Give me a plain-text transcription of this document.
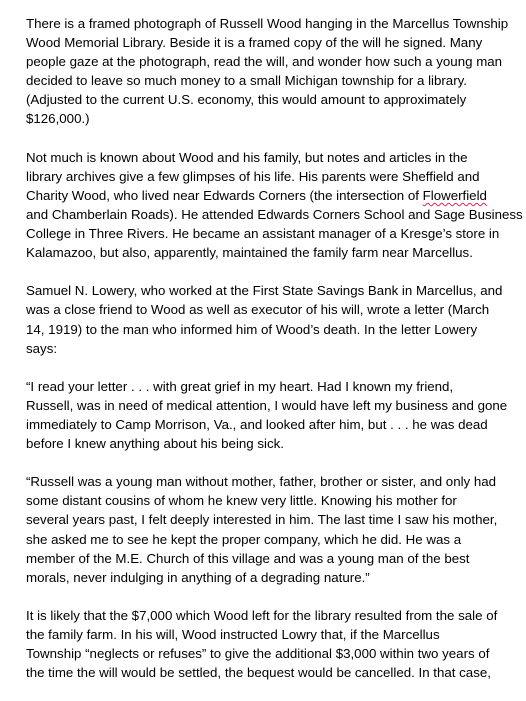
There is a framed photograph of Russell Wood hanging in the Marcellus Township
Wood Memorial Library. Beside it is a framed copy of the will he signed. Many
people gaze at the photograph, read the will, and wonder how such a young man
decided to leave so much money to a small Michigan township for a library.
(Adjusted to the current U.S. economy, this would amount to approximately
$126,000.)

Not much is known about Wood and his family, but notes and articles in the
library archives give a few glimpses of his life. His parents were Sheffield and
Charity Wood, who lived near Edwards Corners (the intersection of Flowerfield
and Chamberlain Roads). He attended Edwards Corners School and Sage Business
College in Three Rivers. He became an assistant manager of a Kresge’s store in
Kalamazoo, but also, apparently, maintained the family farm near Marcellus.

Samuel N. Lowery, who worked at the First State Savings Bank in Marcellus, and
was a close friend to Wood as well as executor of his will, wrote a letter (March
14, 1919) to the man who informed him of Wood’s death. In the letter Lowery
says:

“I read your letter . . . with great grief in my heart. Had I known my friend,
Russell, was in need of medical attention, I would have left my business and gone
immediately to Camp Morrison, Va., and looked after him, but . . . he was dead
before I knew anything about his being sick.

“Russell was a young man without mother, father, brother or sister, and only had
some distant cousins of whom he knew very little. Knowing his mother for
several years past, I felt deeply interested in him. The last time I saw his mother,
she asked me to see he kept the proper company, which he did. He was a
member of the M.E. Church of this village and was a young man of the best
morals, never indulging in anything of a degrading nature.”

It is likely that the $7,000 which Wood left for the library resulted from the sale of
the family farm. In his will, Wood instructed Lowry that, if the Marcellus
Township “neglects or refuses” to give the additional $3,000 within two years of
the time the will would be settled, the bequest would be cancelled. In that case,
